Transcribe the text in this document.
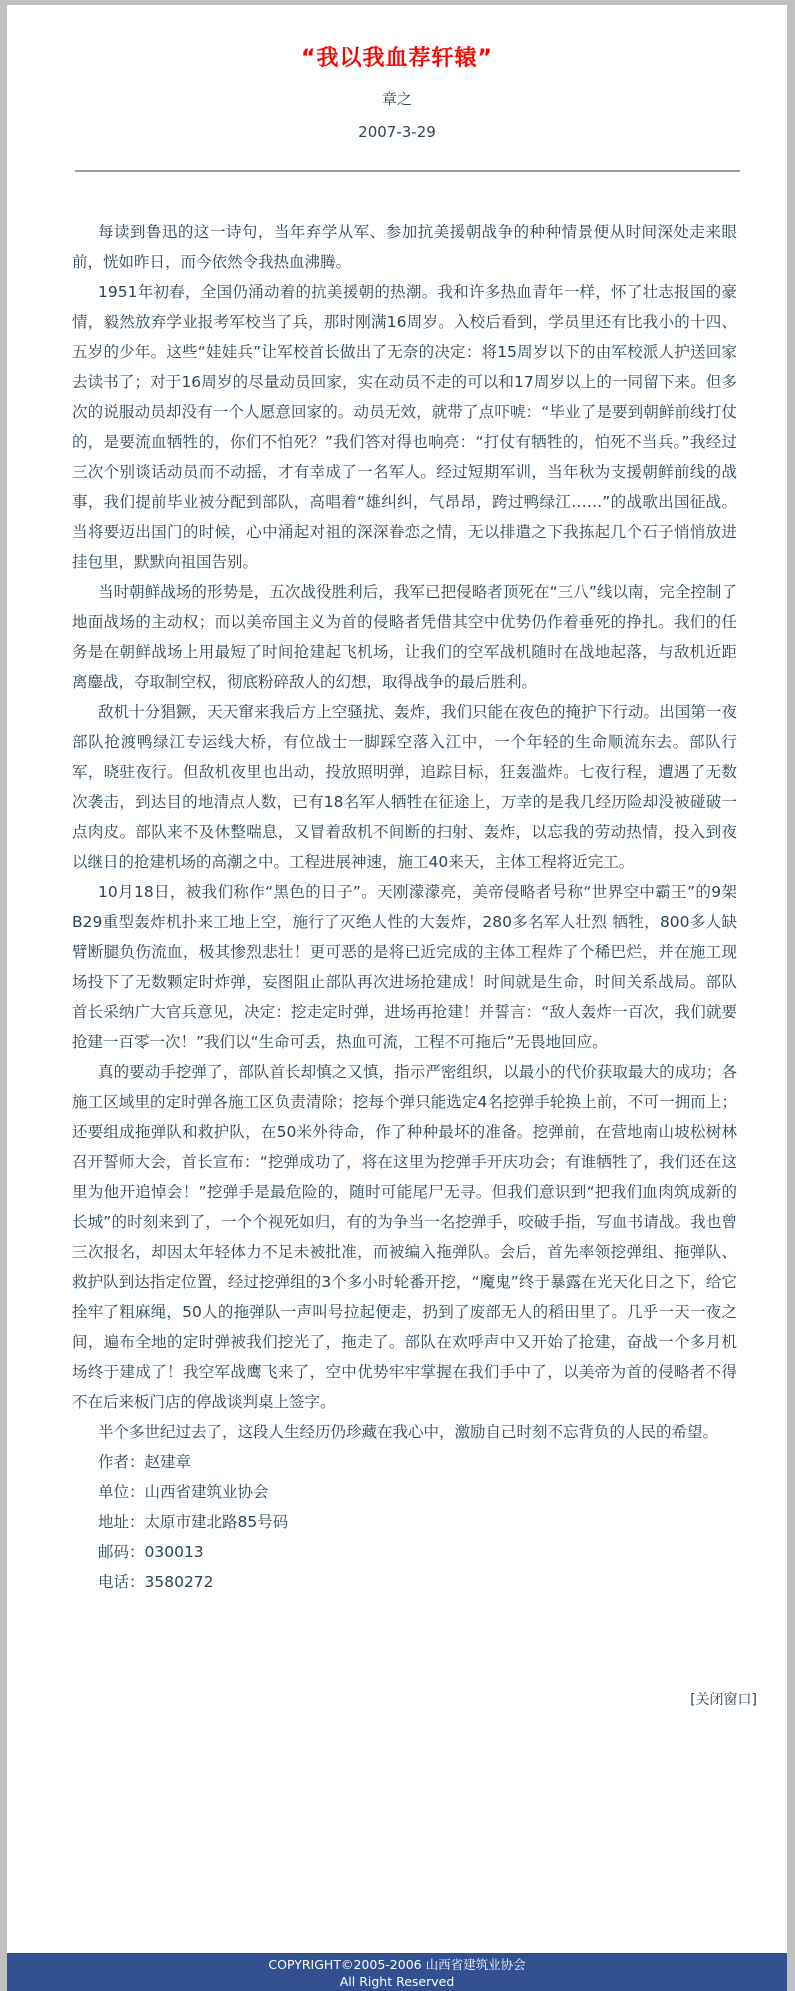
“我以我血荐轩辕”
章之
2007-3-29

每读到鲁迅的这一诗句，当年弃学从军、参加抗美援朝战争的种种情景便从时间深处走来眼前，恍如昨日，而今依然令我热血沸腾。

1951年初春，全国仍涌动着的抗美援朝的热潮。我和许多热血青年一样，怀了壮志报国的豪情，毅然放弃学业报考军校当了兵，那时刚满16周岁。入校后看到，学员里还有比我小的十四、五岁的少年。这些“娃娃兵”让军校首长做出了无奈的决定：将15周岁以下的由军校派人护送回家去读书了；对于16周岁的尽量动员回家，实在动员不走的可以和17周岁以上的一同留下来。但多次的说服动员却没有一个人愿意回家的。动员无效，就带了点吓唬：“毕业了是要到朝鲜前线打仗的，是要流血牺牲的，你们不怕死？”我们答对得也响亮：“打仗有牺牲的，怕死不当兵。”我经过三次个别谈话动员而不动摇，才有幸成了一名军人。经过短期军训，当年秋为支援朝鲜前线的战事，我们提前毕业被分配到部队，高唱着“雄纠纠，气昂昂，跨过鸭绿江……”的战歌出国征战。当将要迈出国门的时候，心中涌起对祖的深深眷恋之情，无以排遣之下我拣起几个石子悄悄放进挂包里，默默向祖国告别。

当时朝鲜战场的形势是，五次战役胜利后，我军已把侵略者顶死在“三八”线以南，完全控制了地面战场的主动权；而以美帝国主义为首的侵略者凭借其空中优势仍作着垂死的挣扎。我们的任务是在朝鲜战场上用最短了时间抢建起飞机场，让我们的空军战机随时在战地起落，与敌机近距离鏖战，夺取制空权，彻底粉碎敌人的幻想，取得战争的最后胜利。

敌机十分猖獗，天天窜来我后方上空骚扰、轰炸，我们只能在夜色的掩护下行动。出国第一夜部队抢渡鸭绿江专运线大桥，有位战士一脚踩空落入江中，一个年轻的生命顺流东去。部队行军，晓驻夜行。但敌机夜里也出动，投放照明弹，追踪目标，狂轰滥炸。七夜行程，遭遇了无数次袭击，到达目的地清点人数，已有18名军人牺牲在征途上，万幸的是我几经历险却没被碰破一点肉皮。部队来不及休整喘息，又冒着敌机不间断的扫射、轰炸，以忘我的劳动热情，投入到夜以继日的抢建机场的高潮之中。工程进展神速，施工40来天，主体工程将近完工。

10月18日，被我们称作“黑色的日子”。天刚濛濛亮，美帝侵略者号称“世界空中霸王”的9架B29重型轰炸机扑来工地上空，施行了灭绝人性的大轰炸，280多名军人壮烈 牺牲，800多人缺臂断腿负伤流血，极其惨烈悲壮！更可恶的是将已近完成的主体工程炸了个稀巴烂，并在施工现场投下了无数颗定时炸弹，妄图阻止部队再次进场抢建成！时间就是生命，时间关系战局。部队首长采纳广大官兵意见，决定：挖走定时弹，进场再抢建！并誓言：“敌人轰炸一百次，我们就要抢建一百零一次！”我们以“生命可丢，热血可流，工程不可拖后”无畏地回应。

真的要动手挖弹了，部队首长却慎之又慎，指示严密组织，以最小的代价获取最大的成功；各施工区域里的定时弹各施工区负责清除；挖每个弹只能选定4名挖弹手轮换上前，不可一拥而上；还要组成拖弹队和救护队，在50米外待命，作了种种最坏的准备。挖弹前，在营地南山坡松树林召开誓师大会，首长宣布：“挖弹成功了，将在这里为挖弹手开庆功会；有谁牺牲了，我们还在这里为他开追悼会！”挖弹手是最危险的，随时可能尾尸无寻。但我们意识到“把我们血肉筑成新的长城”的时刻来到了，一个个视死如归，有的为争当一名挖弹手，咬破手指，写血书请战。我也曾三次报名，却因太年轻体力不足未被批准，而被编入拖弹队。会后，首先率领挖弹组、拖弹队、救护队到达指定位置，经过挖弹组的3个多小时轮番开挖，“魔鬼”终于暴露在光天化日之下，给它拴牢了粗麻绳，50人的拖弹队一声叫号拉起便走，扔到了废部无人的稻田里了。几乎一天一夜之间，遍布全地的定时弹被我们挖光了，拖走了。部队在欢呼声中又开始了抢建，奋战一个多月机场终于建成了！我空军战鹰飞来了，空中优势牢牢掌握在我们手中了，以美帝为首的侵略者不得不在后来板门店的停战谈判桌上签字。

半个多世纪过去了，这段人生经历仍珍藏在我心中，激励自己时刻不忘背负的人民的希望。

作者：赵建章

单位：山西省建筑业协会

地址：太原市建北路85号码

邮码：030013

电话：3580272

[关闭窗口]
COPYRIGHT©2005-2006 山西省建筑业协会
All Right Reserved
